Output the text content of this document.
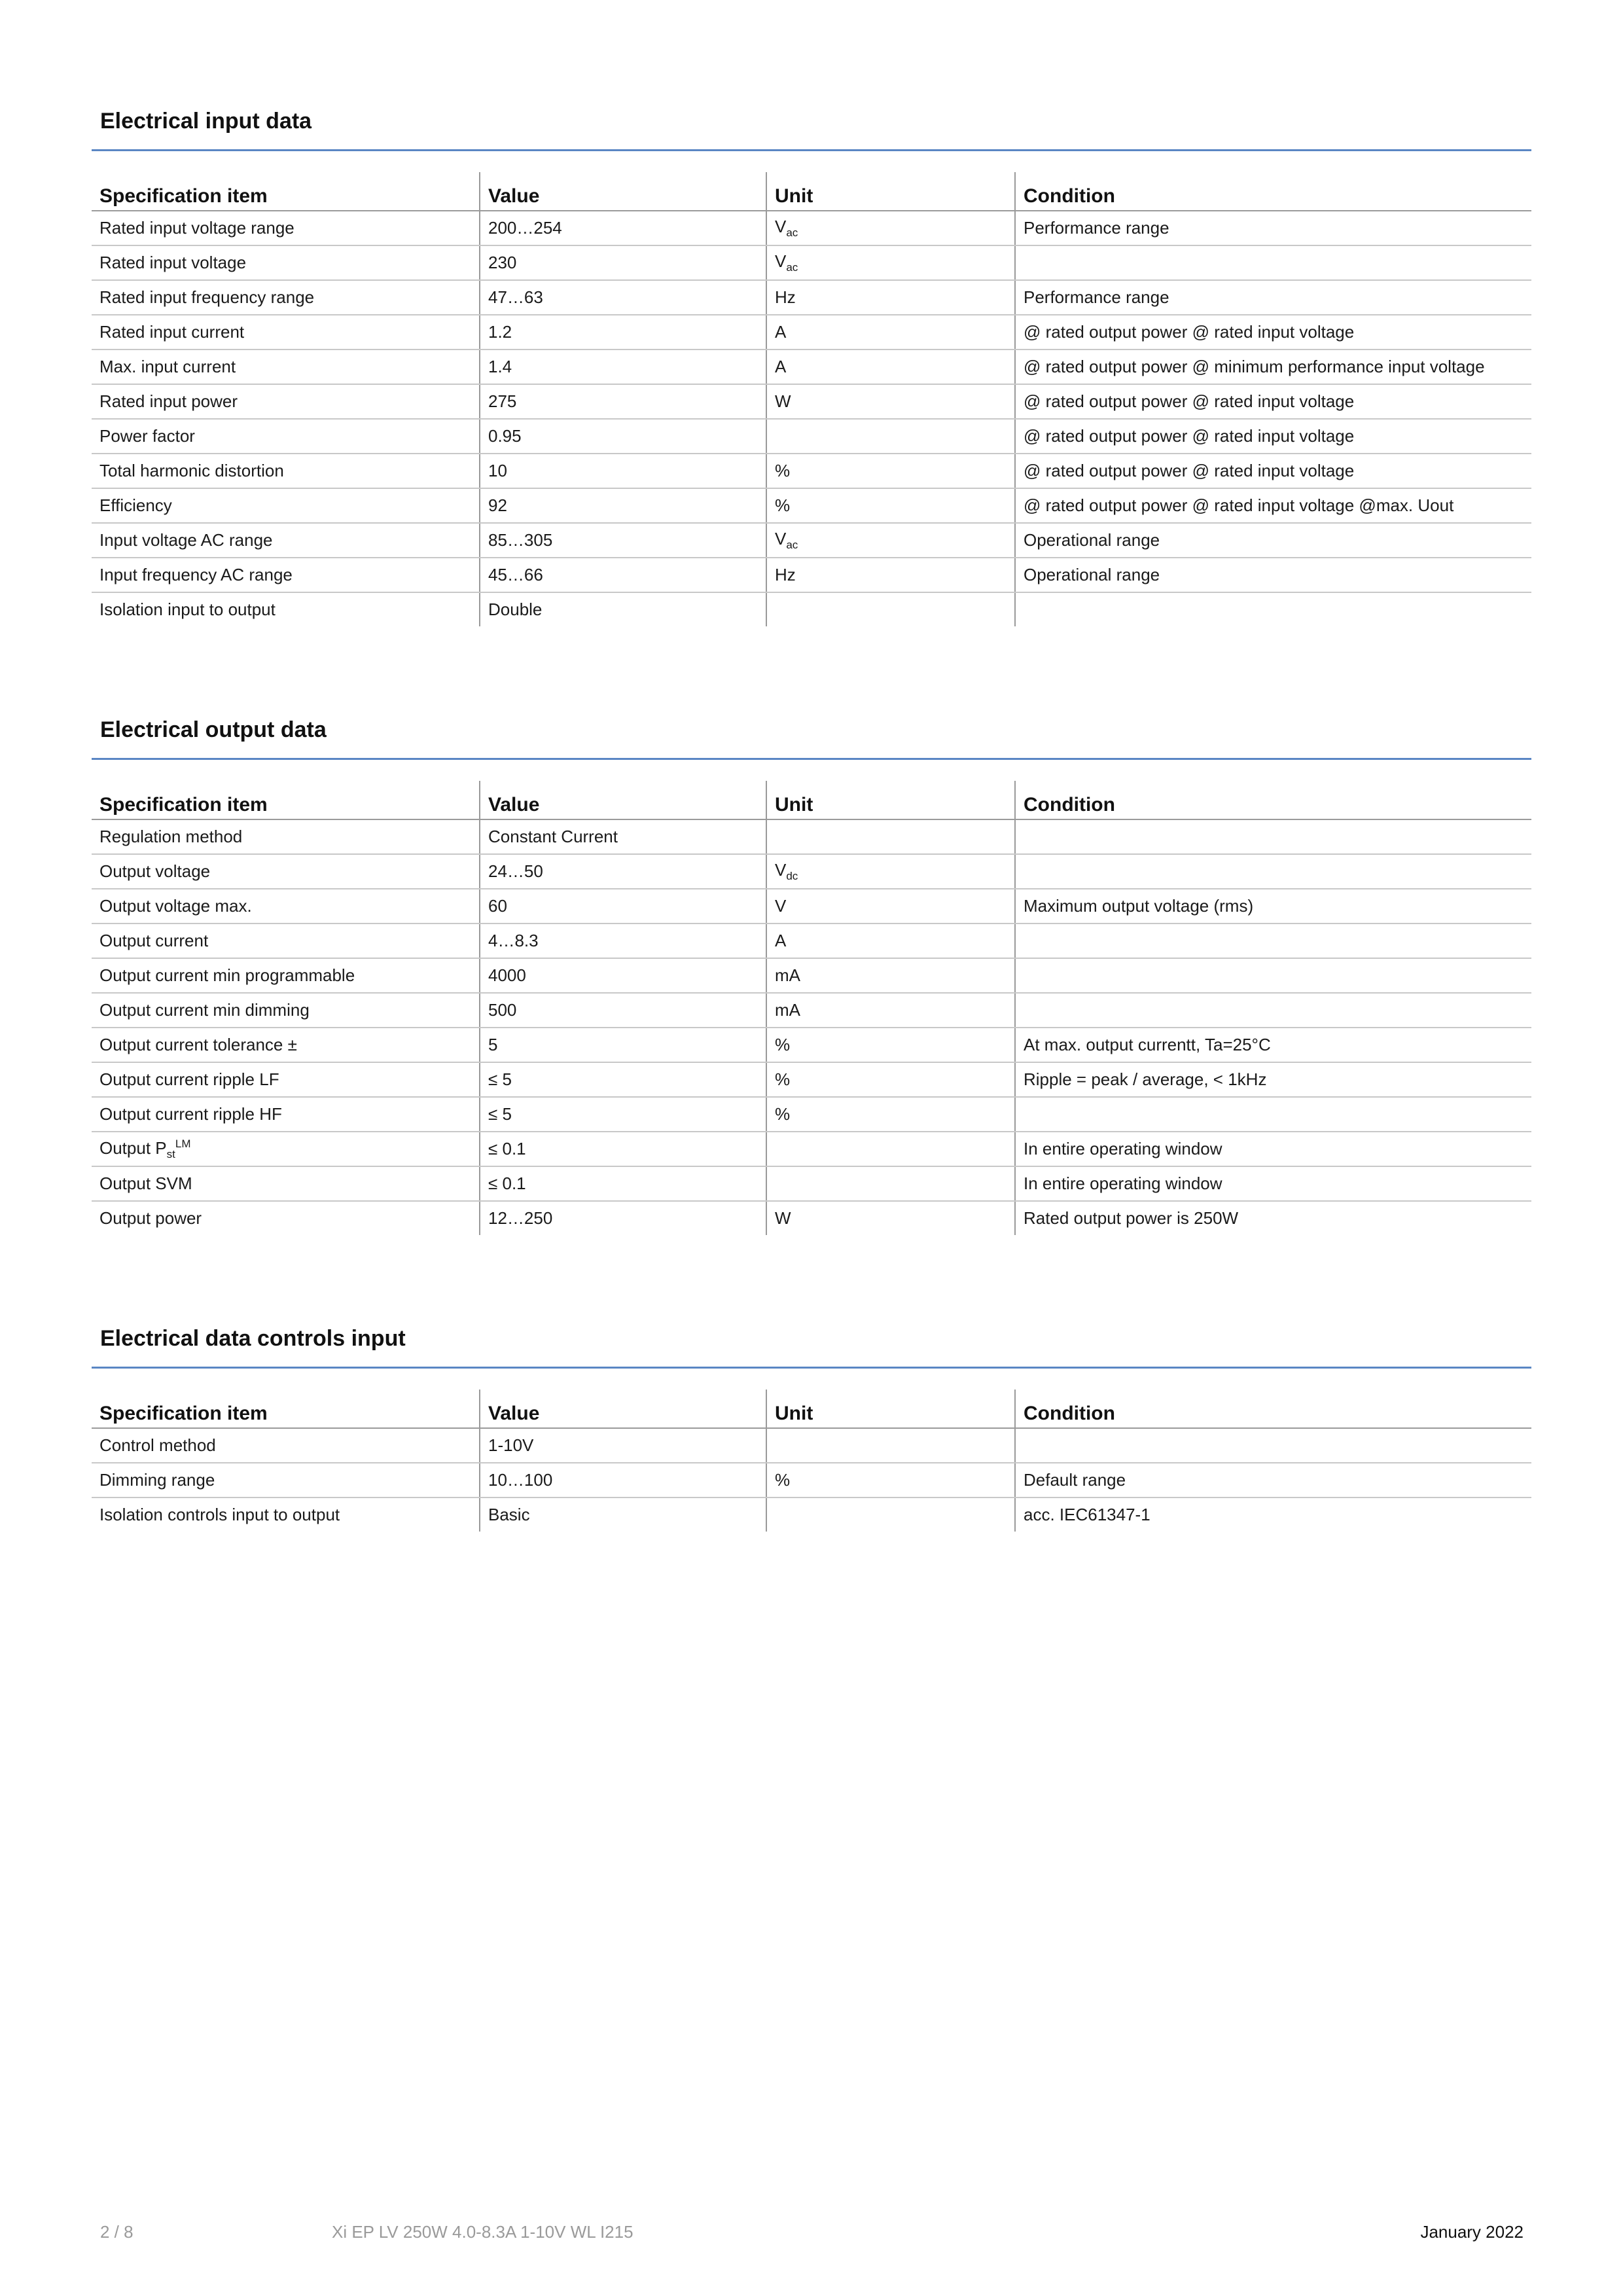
Electrical input data
Specification item	Value	Unit	Condition
Rated input voltage range	200…254	$V_{ac}$	Performance range
Rated input voltage	230	$V_{ac}$	
Rated input frequency range	47…63	Hz	Performance range
Rated input current	1.2	A	@ rated output power @ rated input voltage
Max. input current	1.4	A	@ rated output power @ minimum performance input voltage
Rated input power	275	W	@ rated output power @ rated input voltage
Power factor	0.95		@ rated output power @ rated input voltage
Total harmonic distortion	10	%	@ rated output power @ rated input voltage
Efficiency	92	%	@ rated output power @ rated input voltage @max. Uout
Input voltage AC range	85…305	$V_{ac}$	Operational range
Input frequency AC range	45…66	Hz	Operational range
Isolation input to output	Double		
Electrical output data
Specification item	Value	Unit	Condition
Regulation method	Constant Current		
Output voltage	24…50	$V_{dc}$	
Output voltage max.	60	V	Maximum output voltage (rms)
Output current	4…8.3	A	
Output current min programmable	4000	mA	
Output current min dimming	500	mA	
Output current tolerance ±	5	%	At max. output currentt, Ta=25°C
Output current ripple LF	≤ 5	%	Ripple = peak / average, < 1kHz
Output current ripple HF	≤ 5	%	
Output $P_{st}^{LM}$	≤ 0.1		In entire operating window
Output SVM	≤ 0.1		In entire operating window
Output power	12…250	W	Rated output power is 250W
Electrical data controls input
Specification item	Value	Unit	Condition
Control method	1-10V		
Dimming range	10…100	%	Default range
Isolation controls input to output	Basic		acc. IEC61347-1
2 / 8	Xi EP LV 250W 4.0-8.3A 1-10V WL I215	January 2022
